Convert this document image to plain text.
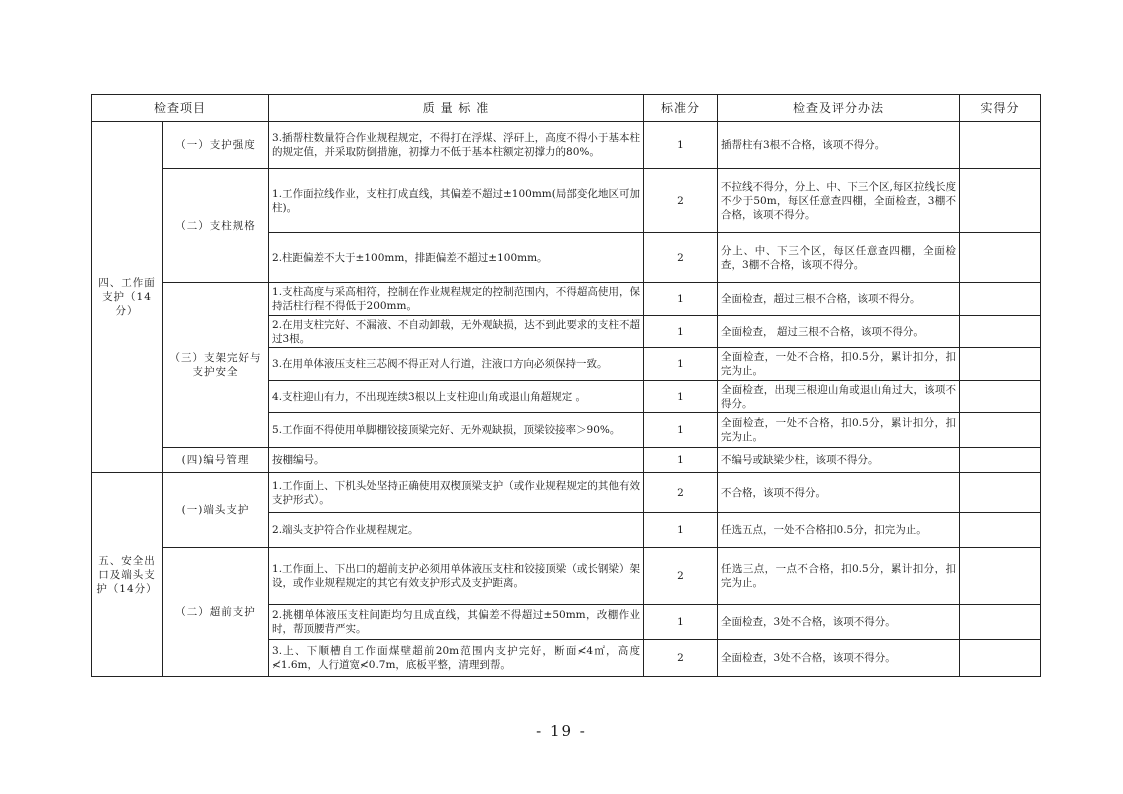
检查项目		质 量 标 准	标准分	检查及评分办法	实得分
四、工作面支护（14分）	（一）支护强度	3.插帮柱数量符合作业规程规定，不得打在浮煤、浮矸上，高度不得小于基本柱的规定值，并采取防倒措施，初撑力不低于基本柱额定初撑力的80%。	1	插帮柱有3根不合格，该项不得分。	
	（二）支柱规格	1.工作面拉线作业，支柱打成直线，其偏差不超过±100mm(局部变化地区可加柱)。	2	不拉线不得分，分上、中、下三个区,每区拉线长度不少于50m，每区任意查四棚，全面检查，3棚不合格，该项不得分。	
		2.柱距偏差不大于±100mm，排距偏差不超过±100mm。	2	分上、中、下三个区，每区任意查四棚，全面检查，3棚不合格，该项不得分。	
	（三）支架完好与支护安全	1.支柱高度与采高相符，控制在作业规程规定的控制范围内，不得超高使用，保持活柱行程不得低于200mm。	1	全面检查，超过三根不合格，该项不得分。	
		2.在用支柱完好、不漏液、不自动卸载，无外观缺损，达不到此要求的支柱不超过3根。	1	全面检查， 超过三根不合格，该项不得分。	
		3.在用单体液压支柱三芯阀不得正对人行道，注液口方向必须保持一致。	1	全面检查，一处不合格，扣0.5分，累计扣分，扣完为止。	
		4.支柱迎山有力，不出现连续3根以上支柱迎山角或退山角超规定 。	1	全面检查，出现三根迎山角或退山角过大，该项不得分。	
		5.工作面不得使用单脚棚铰接顶梁完好、无外观缺损，顶梁铰接率＞90%。	1	全面检查，一处不合格，扣0.5分，累计扣分，扣完为止。	
	(四)编号管理	按棚编号。	1	不编号或缺梁少柱，该项不得分。	
五、安全出口及端头支护（14分）	(一)端头支护	1.工作面上、下机头处坚持正确使用双楔顶梁支护（或作业规程规定的其他有效支护形式）。	2	不合格，该项不得分。	
		2.端头支护符合作业规程规定。	1	任选五点，一处不合格扣0.5分，扣完为止。	
	（二）超前支护	1.工作面上、下出口的超前支护必须用单体液压支柱和铰接顶梁（或长钢梁）架设，或作业规程规定的其它有效支护形式及支护距离。	2	任选三点，一点不合格，扣0.5分，累计扣分，扣完为止。	
		2.挑棚单体液压支柱间距均匀且成直线，其偏差不得超过±50mm，改棚作业时，帮顶腰背严实。	1	全面检查，3处不合格，该项不得分。	
		3.上、下顺槽自工作面煤壁超前20m范围内支护完好，断面≮4㎡，高度≮1.6m，人行道宽≮0.7m，底板平整，清理到帮。	2	全面检查，3处不合格，该项不得分。	
- 19 -
